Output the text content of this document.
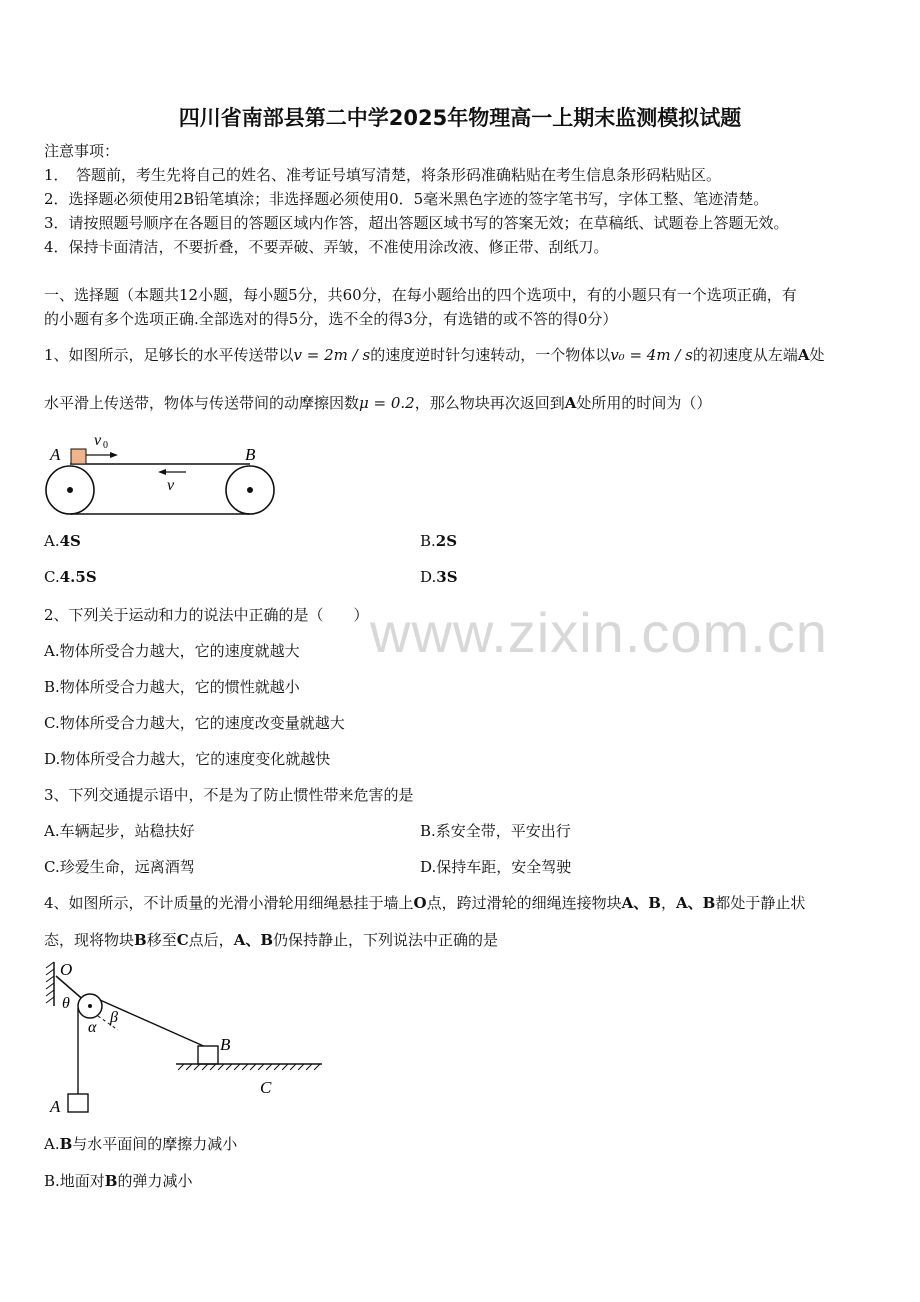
四川省南部县第二中学2025年物理高一上期末监测模拟试题
注意事项：
1．　答题前，考生先将自己的姓名、准考证号填写清楚，将条形码准确粘贴在考生信息条形码粘贴区。
2．选择题必须使用2B铅笔填涂；非选择题必须使用0．5毫米黑色字迹的签字笔书写，字体工整、笔迹清楚。
3．请按照题号顺序在各题目的答题区域内作答，超出答题区域书写的答案无效；在草稿纸、试题卷上答题无效。
4．保持卡面清洁，不要折叠，不要弄破、弄皱，不准使用涂改液、修正带、刮纸刀。
一、选择题（本题共12小题，每小题5分，共60分，在每小题给出的四个选项中，有的小题只有一个选项正确，有
的小题有多个选项正确.全部选对的得5分，选不全的得3分，有选错的或不答的得0分）
www.zixin.com.cn
1、如图所示，足够长的水平传送带以v = 2m / s的速度逆时针匀速转动，一个物体以v₀ = 4m / s的初速度从左端A处
水平滑上传送带，物体与传送带间的动摩擦因数μ = 0.2，那么物块再次返回到A处所用的时间为（）
A	B
v 0
v
A.4S	B.2S
C.4.5S	D.3S
2、下列关于运动和力的说法中正确的是（　　）
A.物体所受合力越大，它的速度就越大
B.物体所受合力越大，它的惯性就越小
C.物体所受合力越大，它的速度改变量就越大
D.物体所受合力越大，它的速度变化就越快
3、下列交通提示语中，不是为了防止惯性带来危害的是
A.车辆起步，站稳扶好	B.系安全带，平安出行
C.珍爱生命，远离酒驾	D.保持车距，安全驾驶
4、如图所示，不计质量的光滑小滑轮用细绳悬挂于墙上O点，跨过滑轮的细绳连接物块A、B，A、B都处于静止状
态，现将物块B移至C点后，A、B仍保持静止，下列说法中正确的是
O
θ
α
β
B
C
A
A.B与水平面间的摩擦力减小
B.地面对B的弹力减小
